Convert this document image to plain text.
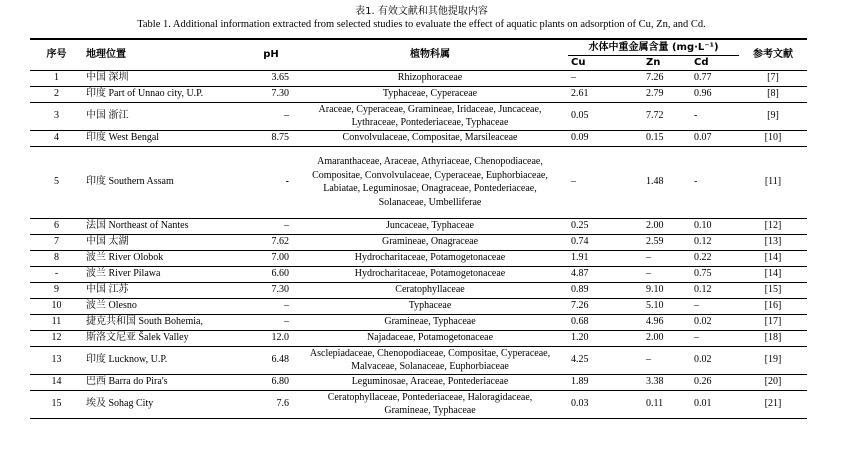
表1. 有效文献和其他提取内容
Table 1. Additional information extracted from selected studies to evaluate the effect of aquatic plants on adsorption of Cu, Zn, and Cd.
序号	地理位置	pH	植物科属	水体中重金属含量 (mg·L⁻¹)			参考文献
				Cu	Zn	Cd	
1	中国 深圳	3.65	Rhizophoraceae	–	7.26	0.77	[7]
2	印度 Part of Unnao city, U.P.	7.30	Typhaceae, Cyperaceae	2.61	2.79	0.96	[8]
3	中国 浙江	–	Araceae, Cyperaceae, Gramineae, Iridaceae, Juncaceae,
Lythraceae, Pontederiaceae, Typhaceae	0.05	7.72	-	[9]
4	印度 West Bengal	8.75	Convolvulaceae, Compositae, Marsileaceae	0.09	0.15	0.07	[10]
5	印度 Southern Assam	-	Amaranthaceae, Araceae, Athyriaceae, Chenopodiaceae,
Compositae, Convolvulaceae, Cyperaceae, Euphorbiaceae,
Labiatae, Leguminosae, Onagraceae, Pontederiaceae,
Solanaceae, Umbelliferae	–	1.48	-	[11]
6	法国 Northeast of Nantes	–	Juncaceae, Typhaceae	0.25	2.00	0.10	[12]
7	中国 太湖	7.62	Gramineae, Onagraceae	0.74	2.59	0.12	[13]
8	波兰 River Olobok	7.00	Hydrocharitaceae, Potamogetonaceae	1.91	–	0.22	[14]
-	波兰 River Pilawa	6.60	Hydrocharitaceae, Potamogetonaceae	4.87	–	0.75	[14]
9	中国 江苏	7.30	Ceratophyllaceae	0.89	9.10	0.12	[15]
10	波兰 Olesno	–	Typhaceae	7.26	5.10	–	[16]
11	捷克共和国 South Bohemia,	–	Gramineae, Typhaceae	0.68	4.96	0.02	[17]
12	斯洛文尼亚 Šalek Valley	12.0	Najadaceae, Potamogetonaceae	1.20	2.00	–	[18]
13	印度 Lucknow, U.P.	6.48	Asclepiadaceae, Chenopodiaceae, Compositae, Cyperaceae,
Malvaceae, Solanaceae, Euphorbiaceae	4.25	–	0.02	[19]
14	巴西 Barra do Pira's	6.80	Leguminosae, Araceae, Pontederiaceae	1.89	3.38	0.26	[20]
15	埃及 Sohag City	7.6	Ceratophyllaceae, Pontederiaceae, Haloragidaceae,
Gramineae, Typhaceae	0.03	0.11	0.01	[21]
